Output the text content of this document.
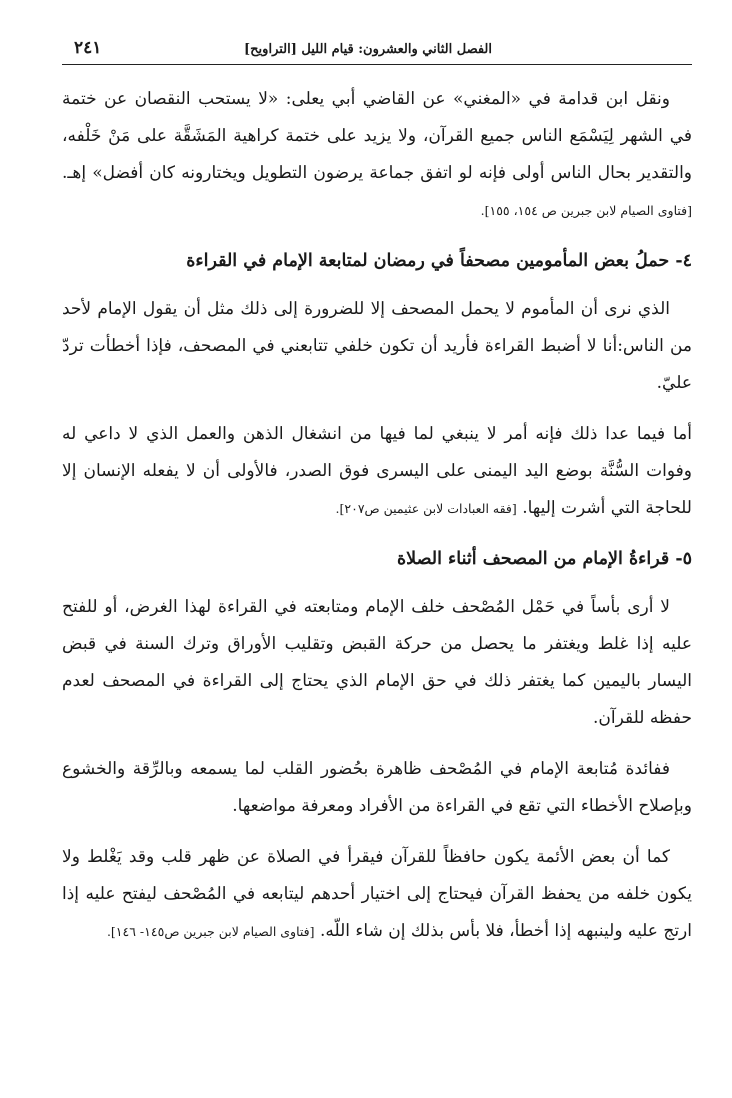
الفصل الثاني والعشرون: قيام الليل [التراويح]
٢٤١

ونقل ابن قدامة في «المغني» عن القاضي أبي يعلى: «لا يستحب النقصان عن ختمة في الشهر لِيَسْمَع الناس جميع القرآن، ولا يزيد على ختمة كراهية المَشَقَّة على مَنْ خَلْفه، والتقدير بحال الناس أولى فإنه لو اتفق جماعة يرضون التطويل ويختارونه كان أفضل» إهـ. [فتاوى الصيام لابن جبرين ص ١٥٤، ١٥٥].

٤- حملُ بعض المأمومين مصحفاً في رمضان لمتابعة الإمام في القراءة

الذي نرى أن المأموم لا يحمل المصحف إلا للضرورة إلى ذلك مثل أن يقول الإمام لأحد من الناس:أنا لا أضبط القراءة فأريد أن تكون خلفي تتابعني في المصحف، فإذا أخطأت تردّ عليّ.

أما فيما عدا ذلك فإنه أمر لا ينبغي لما فيها من انشغال الذهن والعمل الذي لا داعي له وفوات السُّنَّة بوضع اليد اليمنى على اليسرى فوق الصدر، فالأولى أن لا يفعله الإنسان إلا للحاجة التي أشرت إليها. [فقه العبادات لابن عثيمين ص٢٠٧].

٥- قراءةُ الإمام من المصحف أثناء الصلاة

لا أرى بأساً في حَمْل المُصْحف خلف الإمام ومتابعته في القراءة لهذا الغرض، أو للفتح عليه إذا غلط ويغتفر ما يحصل من حركة القبض وتقليب الأوراق وترك السنة في قبض اليسار باليمين كما يغتفر ذلك في حق الإمام الذي يحتاج إلى القراءة في المصحف لعدم حفظه للقرآن.

ففائدة مُتابعة الإمام في المُصْحف ظاهرة بحُضور القلب لما يسمعه وبالرِّقة والخشوع وبإصلاح الأخطاء التي تقع في القراءة من الأفراد ومعرفة مواضعها.

كما أن بعض الأئمة يكون حافظاً للقرآن فيقرأ في الصلاة عن ظهر قلب وقد يَغْلط ولا يكون خلفه من يحفظ القرآن فيحتاج إلى اختيار أحدهم ليتابعه في المُصْحف ليفتح عليه إذا ارتج عليه ولينبهه إذا أخطأ، فلا بأس بذلك إن شاء اللّه. [فتاوى الصيام لابن جبرين ص١٤٥- ١٤٦].
